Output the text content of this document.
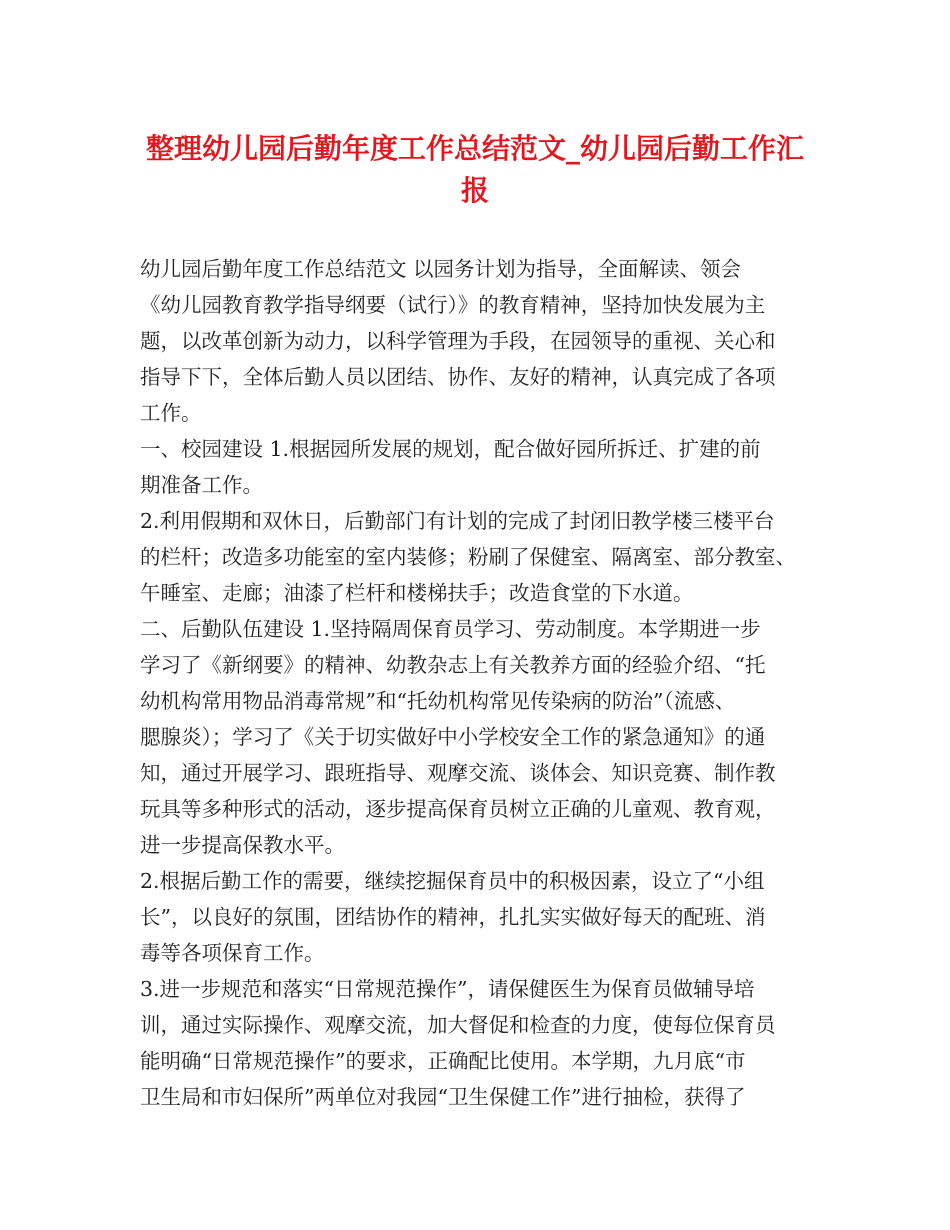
整理幼儿园后勤年度工作总结范文_幼儿园后勤工作汇
报
幼儿园后勤年度工作总结范文 以园务计划为指导，全面解读、领会
《幼儿园教育教学指导纲要（试行）》的教育精神，坚持加快发展为主
题，以改革创新为动力，以科学管理为手段，在园领导的重视、关心和
指导下下，全体后勤人员以团结、协作、友好的精神，认真完成了各项
工作。
一、校园建设 1.根据园所发展的规划，配合做好园所拆迁、扩建的前
期准备工作。
2.利用假期和双休日，后勤部门有计划的完成了封闭旧教学楼三楼平台
的栏杆；改造多功能室的室内装修；粉刷了保健室、隔离室、部分教室、
午睡室、走廊；油漆了栏杆和楼梯扶手；改造食堂的下水道。
二、后勤队伍建设 1.坚持隔周保育员学习、劳动制度。本学期进一步
学习了《新纲要》的精神、幼教杂志上有关教养方面的经验介绍、“托
幼机构常用物品消毒常规”和“托幼机构常见传染病的防治”（流感、
腮腺炎）；学习了《关于切实做好中小学校安全工作的紧急通知》的通
知，通过开展学习、跟班指导、观摩交流、谈体会、知识竞赛、制作教
玩具等多种形式的活动，逐步提高保育员树立正确的儿童观、教育观，
进一步提高保教水平。
2.根据后勤工作的需要，继续挖掘保育员中的积极因素，设立了“小组
长”，以良好的氛围，团结协作的精神，扎扎实实做好每天的配班、消
毒等各项保育工作。
3.进一步规范和落实“日常规范操作”，请保健医生为保育员做辅导培
训，通过实际操作、观摩交流，加大督促和检查的力度，使每位保育员
能明确“日常规范操作”的要求，正确配比使用。本学期，九月底“市
卫生局和市妇保所”两单位对我园“卫生保健工作”进行抽检，获得了
